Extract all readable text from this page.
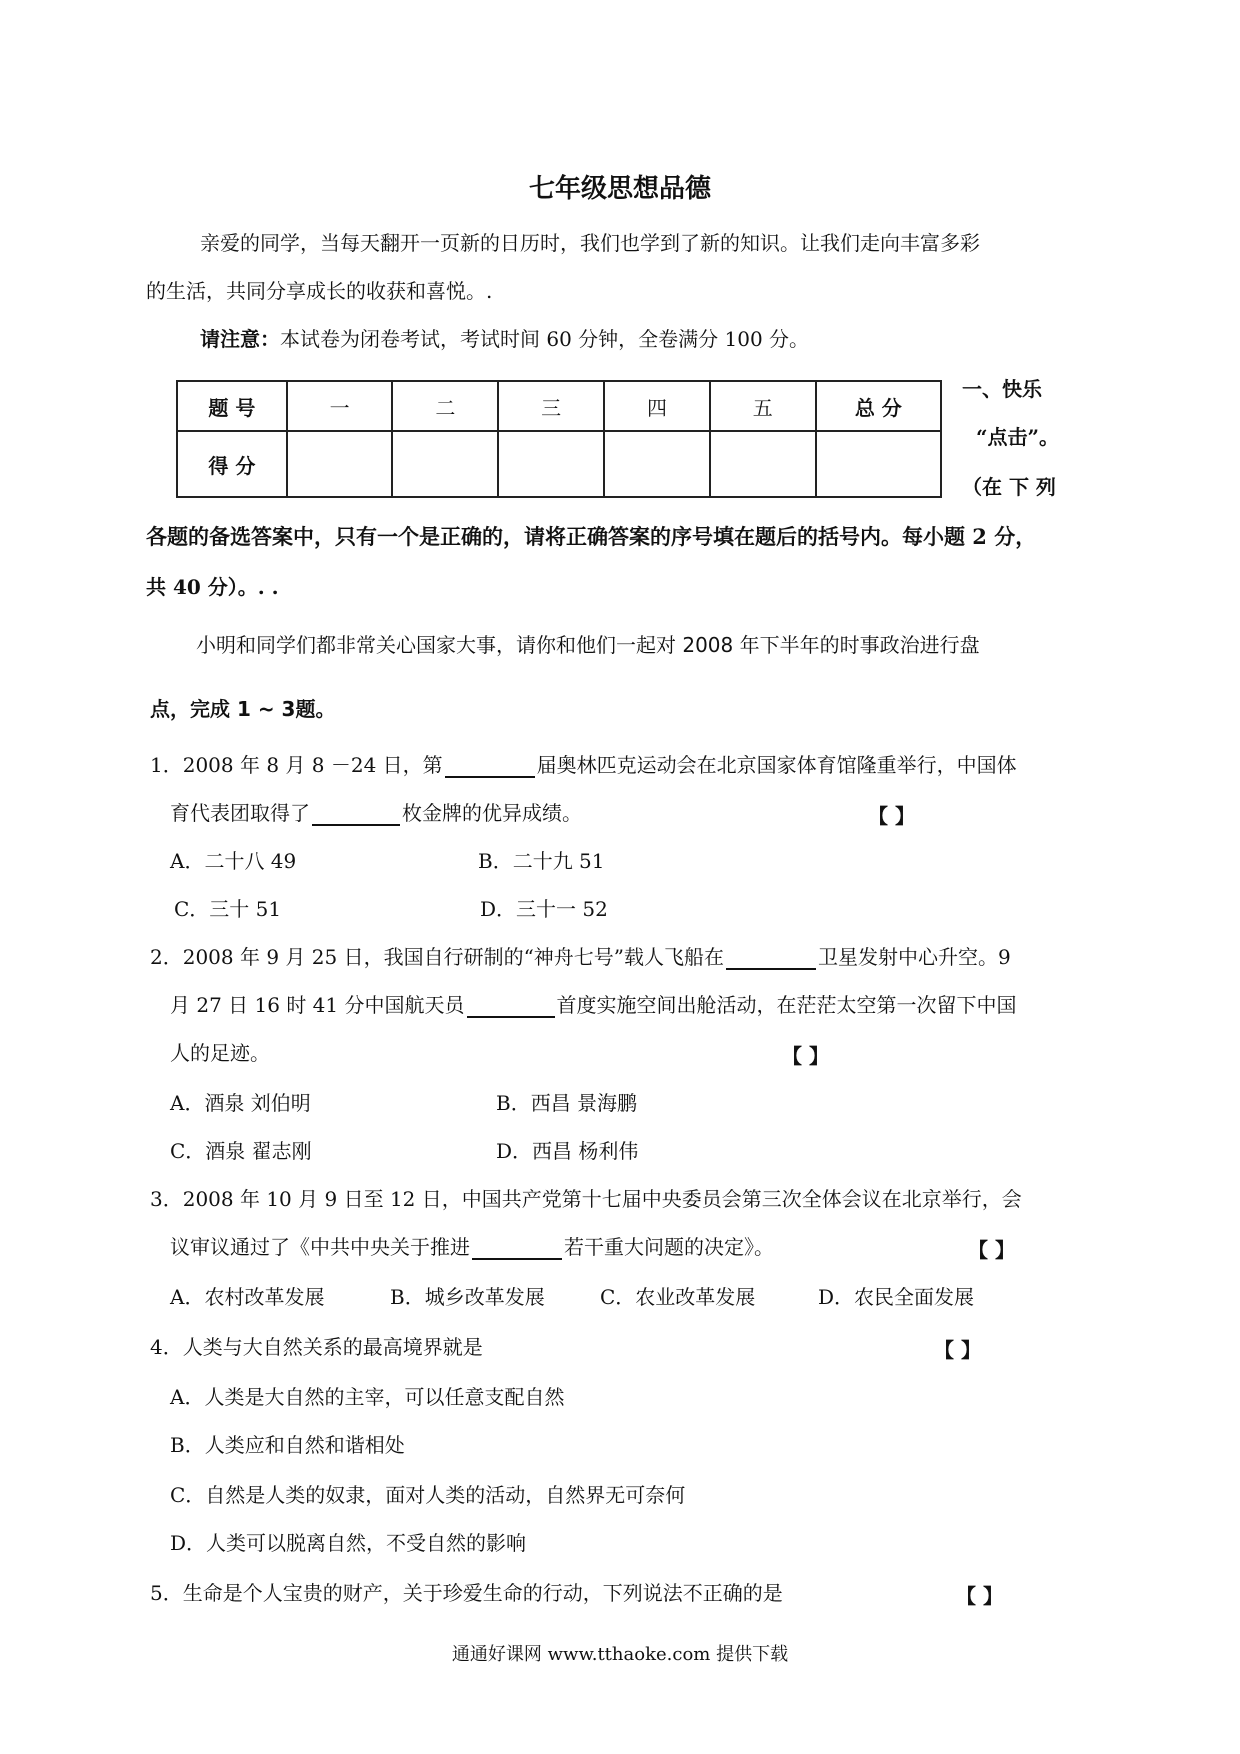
七年级思想品德
亲爱的同学，当每天翻开一页新的日历时，我们也学到了新的知识。让我们走向丰富多彩
的生活，共同分享成长的收获和喜悦。.
请注意：本试卷为闭卷考试，考试时间 60 分钟，全卷满分 100 分。
题 号	一	二	三	四	五	总 分
得 分						
一、快乐
“点击”。
（在 下 列
各题的备选答案中，只有一个是正确的，请将正确答案的序号填在题后的括号内。每小题 2 分，
共 40 分）。. .
小明和同学们都非常关心国家大事，请你和他们一起对 2008 年下半年的时事政治进行盘
点，完成 1 ~ 3题。
1．2008 年 8 月 8 －24 日，第	届奥林匹克运动会在北京国家体育馆隆重举行，中国体
育代表团取得了	枚金牌的优异成绩。	【 】
A．二十八 49	B．二十九 51
C．三十 51	D．三十一 52
2．2008 年 9 月 25 日，我国自行研制的“神舟七号”载人飞船在	卫星发射中心升空。9
月 27 日 16 时 41 分中国航天员	首度实施空间出舱活动，在茫茫太空第一次留下中国
人的足迹。	【 】
A．酒泉 刘伯明	B．西昌 景海鹏
C．酒泉 翟志刚	D．西昌 杨利伟
3．2008 年 10 月 9 日至 12 日，中国共产党第十七届中央委员会第三次全体会议在北京举行，会
议审议通过了《中共中央关于推进	若干重大问题的决定》。	【 】
A．农村改革发展	B．城乡改革发展	C．农业改革发展	D．农民全面发展
4．人类与大自然关系的最高境界就是	【 】
A．人类是大自然的主宰，可以任意支配自然
B．人类应和自然和谐相处
C．自然是人类的奴隶，面对人类的活动，自然界无可奈何
D．人类可以脱离自然，不受自然的影响
5．生命是个人宝贵的财产，关于珍爱生命的行动，下列说法不正确的是	【 】
通通好课网 www.tthaoke.com 提供下载
